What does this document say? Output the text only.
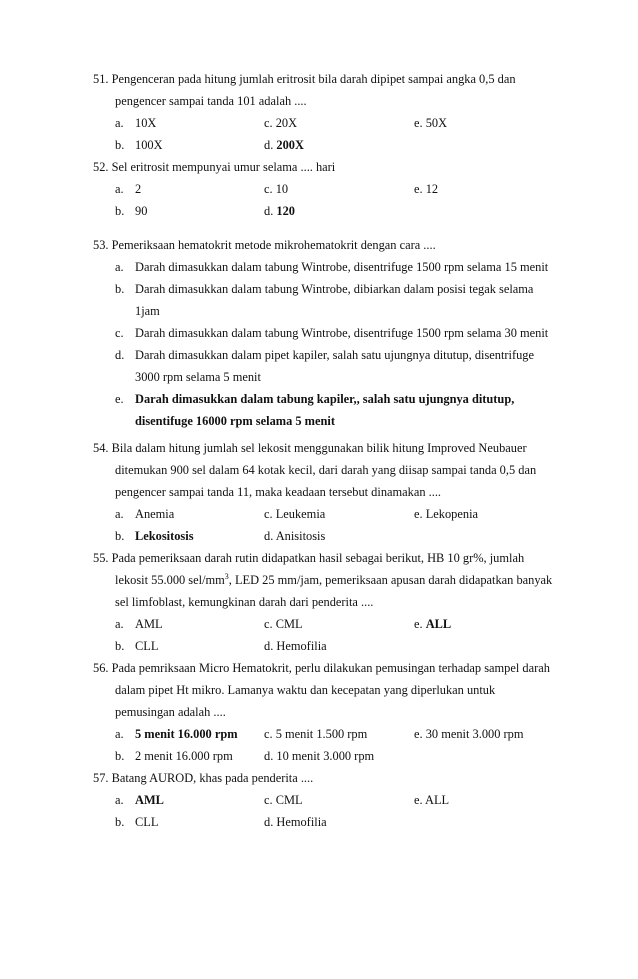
51. Pengenceran pada hitung jumlah eritrosit bila darah dipipet sampai angka 0,5 dan
pengencer sampai tanda 101 adalah ....
a. 10X	c. 20X	e. 50X
b. 100X	d. 200X
52. Sel eritrosit mempunyai umur selama .... hari
a. 2	c. 10	e. 12
b. 90	d. 120
53. Pemeriksaan hematokrit metode mikrohematokrit dengan cara ....
a. Darah dimasukkan dalam tabung Wintrobe, disentrifuge 1500 rpm selama 15 menit
b. Darah dimasukkan dalam tabung Wintrobe, dibiarkan dalam posisi tegak selama
1jam
c. Darah dimasukkan dalam tabung Wintrobe, disentrifuge 1500 rpm selama 30 menit
d. Darah dimasukkan dalam pipet kapiler, salah satu ujungnya ditutup, disentrifuge
3000 rpm selama 5 menit
e. Darah dimasukkan dalam tabung kapiler,, salah satu ujungnya ditutup,
disentifuge 16000 rpm selama 5 menit
54. Bila dalam hitung jumlah sel lekosit menggunakan bilik hitung Improved Neubauer
ditemukan 900 sel dalam 64 kotak kecil, dari darah yang diisap sampai tanda 0,5 dan
pengencer sampai tanda 11, maka keadaan tersebut dinamakan ....
a. Anemia	c. Leukemia	e. Lekopenia
b. Lekositosis	d. Anisitosis
55. Pada pemeriksaan darah rutin didapatkan hasil sebagai berikut, HB 10 gr%, jumlah
lekosit 55.000 sel/$mm^3$, LED 25 mm/jam, pemeriksaan apusan darah didapatkan banyak
sel limfoblast, kemungkinan darah dari penderita ....
a. AML	c. CML	e. ALL
b. CLL	d. Hemofilia
56. Pada pemriksaan Micro Hematokrit, perlu dilakukan pemusingan terhadap sampel darah
dalam pipet Ht mikro. Lamanya waktu dan kecepatan yang diperlukan untuk
pemusingan adalah ....
a. 5 menit 16.000 rpm c. 5 menit 1.500 rpm	e. 30 menit 3.000 rpm
b. 2 menit 16.000 rpm	d. 10 menit 3.000 rpm
57. Batang AUROD, khas pada penderita ....
a. AML	c. CML	e. ALL
b. CLL	d. Hemofilia
